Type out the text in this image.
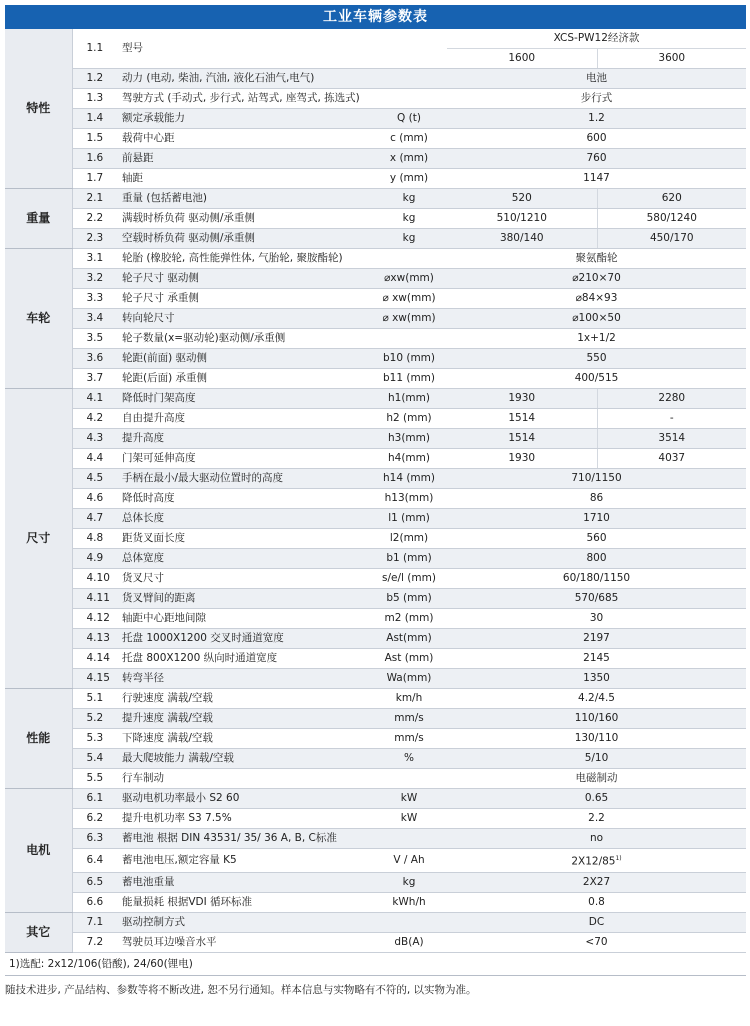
工业车辆参数表
特性	1.1	型号		XCS-PW12经济款	
				1600	3600
	1.2	动力 (电动, 柴油, 汽油, 液化石油气,电气)		电池	
	1.3	驾驶方式 (手动式, 步行式, 站驾式, 座驾式, 拣选式)		步行式	
	1.4	额定承载能力	Q (t)	1.2	
	1.5	载荷中心距	c (mm)	600	
	1.6	前悬距	x (mm)	760	
	1.7	轴距	y (mm)	1147	
重量	2.1	重量 (包括蓄电池)	kg	520	620
	2.2	满载时桥负荷 驱动侧/承重侧	kg	510/1210	580/1240
	2.3	空载时桥负荷 驱动侧/承重侧	kg	380/140	450/170
车轮	3.1	轮胎 (橡胶轮, 高性能弹性体, 气胎轮, 聚胺酯轮)		聚氨酯轮	
	3.2	轮子尺寸 驱动侧	⌀xw(mm)	⌀210×70	
	3.3	轮子尺寸 承重侧	⌀ xw(mm)	⌀84×93	
	3.4	转向轮尺寸	⌀ xw(mm)	⌀100×50	
	3.5	轮子数量(x=驱动轮)驱动侧/承重侧		1x+1/2	
	3.6	轮距(前面) 驱动侧	b10 (mm)	550	
	3.7	轮距(后面) 承重侧	b11 (mm)	400/515	
尺寸	4.1	降低时门架高度	h1(mm)	1930	2280
	4.2	自由提升高度	h2 (mm)	1514	-
	4.3	提升高度	h3(mm)	1514	3514
	4.4	门架可延伸高度	h4(mm)	1930	4037
	4.5	手柄在最小/最大驱动位置时的高度	h14 (mm)	710/1150	
	4.6	降低时高度	h13(mm)	86	
	4.7	总体长度	l1 (mm)	1710	
	4.8	距货叉面长度	l2(mm)	560	
	4.9	总体宽度	b1 (mm)	800	
	4.10	货叉尺寸	s/e/l (mm)	60/180/1150	
	4.11	货叉臂间的距离	b5 (mm)	570/685	
	4.12	轴距中心距地间隙	m2 (mm)	30	
	4.13	托盘 1000X1200 交叉时通道宽度	Ast(mm)	2197	
	4.14	托盘 800X1200 纵向时通道宽度	Ast (mm)	2145	
	4.15	转弯半径	Wa(mm)	1350	
性能	5.1	行驶速度 满载/空载	km/h	4.2/4.5	
	5.2	提升速度 满载/空载	mm/s	110/160	
	5.3	下降速度 满载/空载	mm/s	130/110	
	5.4	最大爬坡能力 满载/空载	%	5/10	
	5.5	行车制动		电磁制动	
电机	6.1	驱动电机功率最小 S2 60	kW	0.65	
	6.2	提升电机功率 S3 7.5%	kW	2.2	
	6.3	蓄电池 根据 DIN 43531/ 35/ 36 A, B, C标准		no	
	6.4	蓄电池电压,额定容量 K5	V / Ah	2X12/85$^{1)}$
	6.5	蓄电池重量	kg	2X27	
	6.6	能量损耗 根据VDI 循环标准	kWh/h	0.8	
其它	7.1	驱动控制方式		DC	
	7.2	驾驶员耳边噪音水平	dB(A)	<70	
1)选配: 2x12/106(铅酸), 24/60(锂电)
随技术进步, 产品结构、参数等将不断改进, 恕不另行通知。样本信息与实物略有不符的, 以实物为准。
